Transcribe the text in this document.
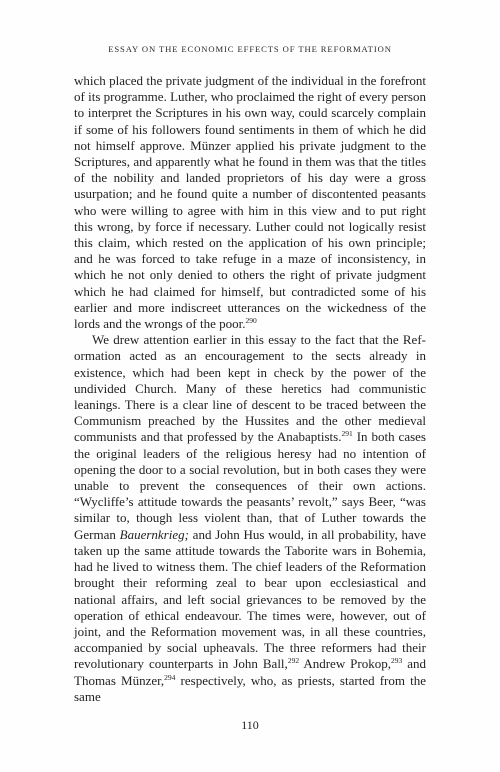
ESSAY ON THE ECONOMIC EFFECTS OF THE REFORMATION

which placed the private judgment of the individual in the forefront of its programme. Luther, who proclaimed the right of every person to interpret the Scriptures in his own way, could scarcely complain if some of his followers found sentiments in them of which he did not himself approve. Münzer applied his private judgment to the Scriptures, and apparently what he found in them was that the titles of the nobility and landed proprietors of his day were a gross usurpation; and he found quite a number of discontented peasants who were willing to agree with him in this view and to put right this wrong, by force if necessary. Luther could not logically resist this claim, which rested on the application of his own principle; and he was forced to take refuge in a maze of inconsistency, in which he not only denied to others the right of private judgment which he had claimed for himself, but contradicted some of his earlier and more indiscreet utterances on the wickedness of the lords and the wrongs of the poor.$^{290}$

We drew attention earlier in this essay to the fact that the Reformation acted as an encouragement to the sects already in existence, which had been kept in check by the power of the undivided Church. Many of these heretics had communistic leanings. There is a clear line of descent to be traced between the Communism preached by the Hussites and the other medieval communists and that professed by the Anabaptists.$^{291}$ In both cases the original leaders of the religious heresy had no intention of opening the door to a social revolution, but in both cases they were unable to prevent the consequences of their own actions. “Wycliffe’s attitude towards the peasants’ revolt,” says Beer, “was similar to, though less violent than, that of Luther towards the German Bauernkrieg; and John Hus would, in all probability, have taken up the same attitude towards the Taborite wars in Bohemia, had he lived to witness them. The chief leaders of the Reformation brought their reforming zeal to bear upon ecclesiastical and national affairs, and left social grievances to be removed by the operation of ethical endeavour. The times were, however, out of joint, and the Reformation movement was, in all these countries, accompanied by social upheavals. The three reformers had their revolutionary counterparts in John Ball,$^{292}$ Andrew Prokop,$^{293}$ and Thomas Münzer,$^{294}$ respectively, who, as priests, started from the same

110
